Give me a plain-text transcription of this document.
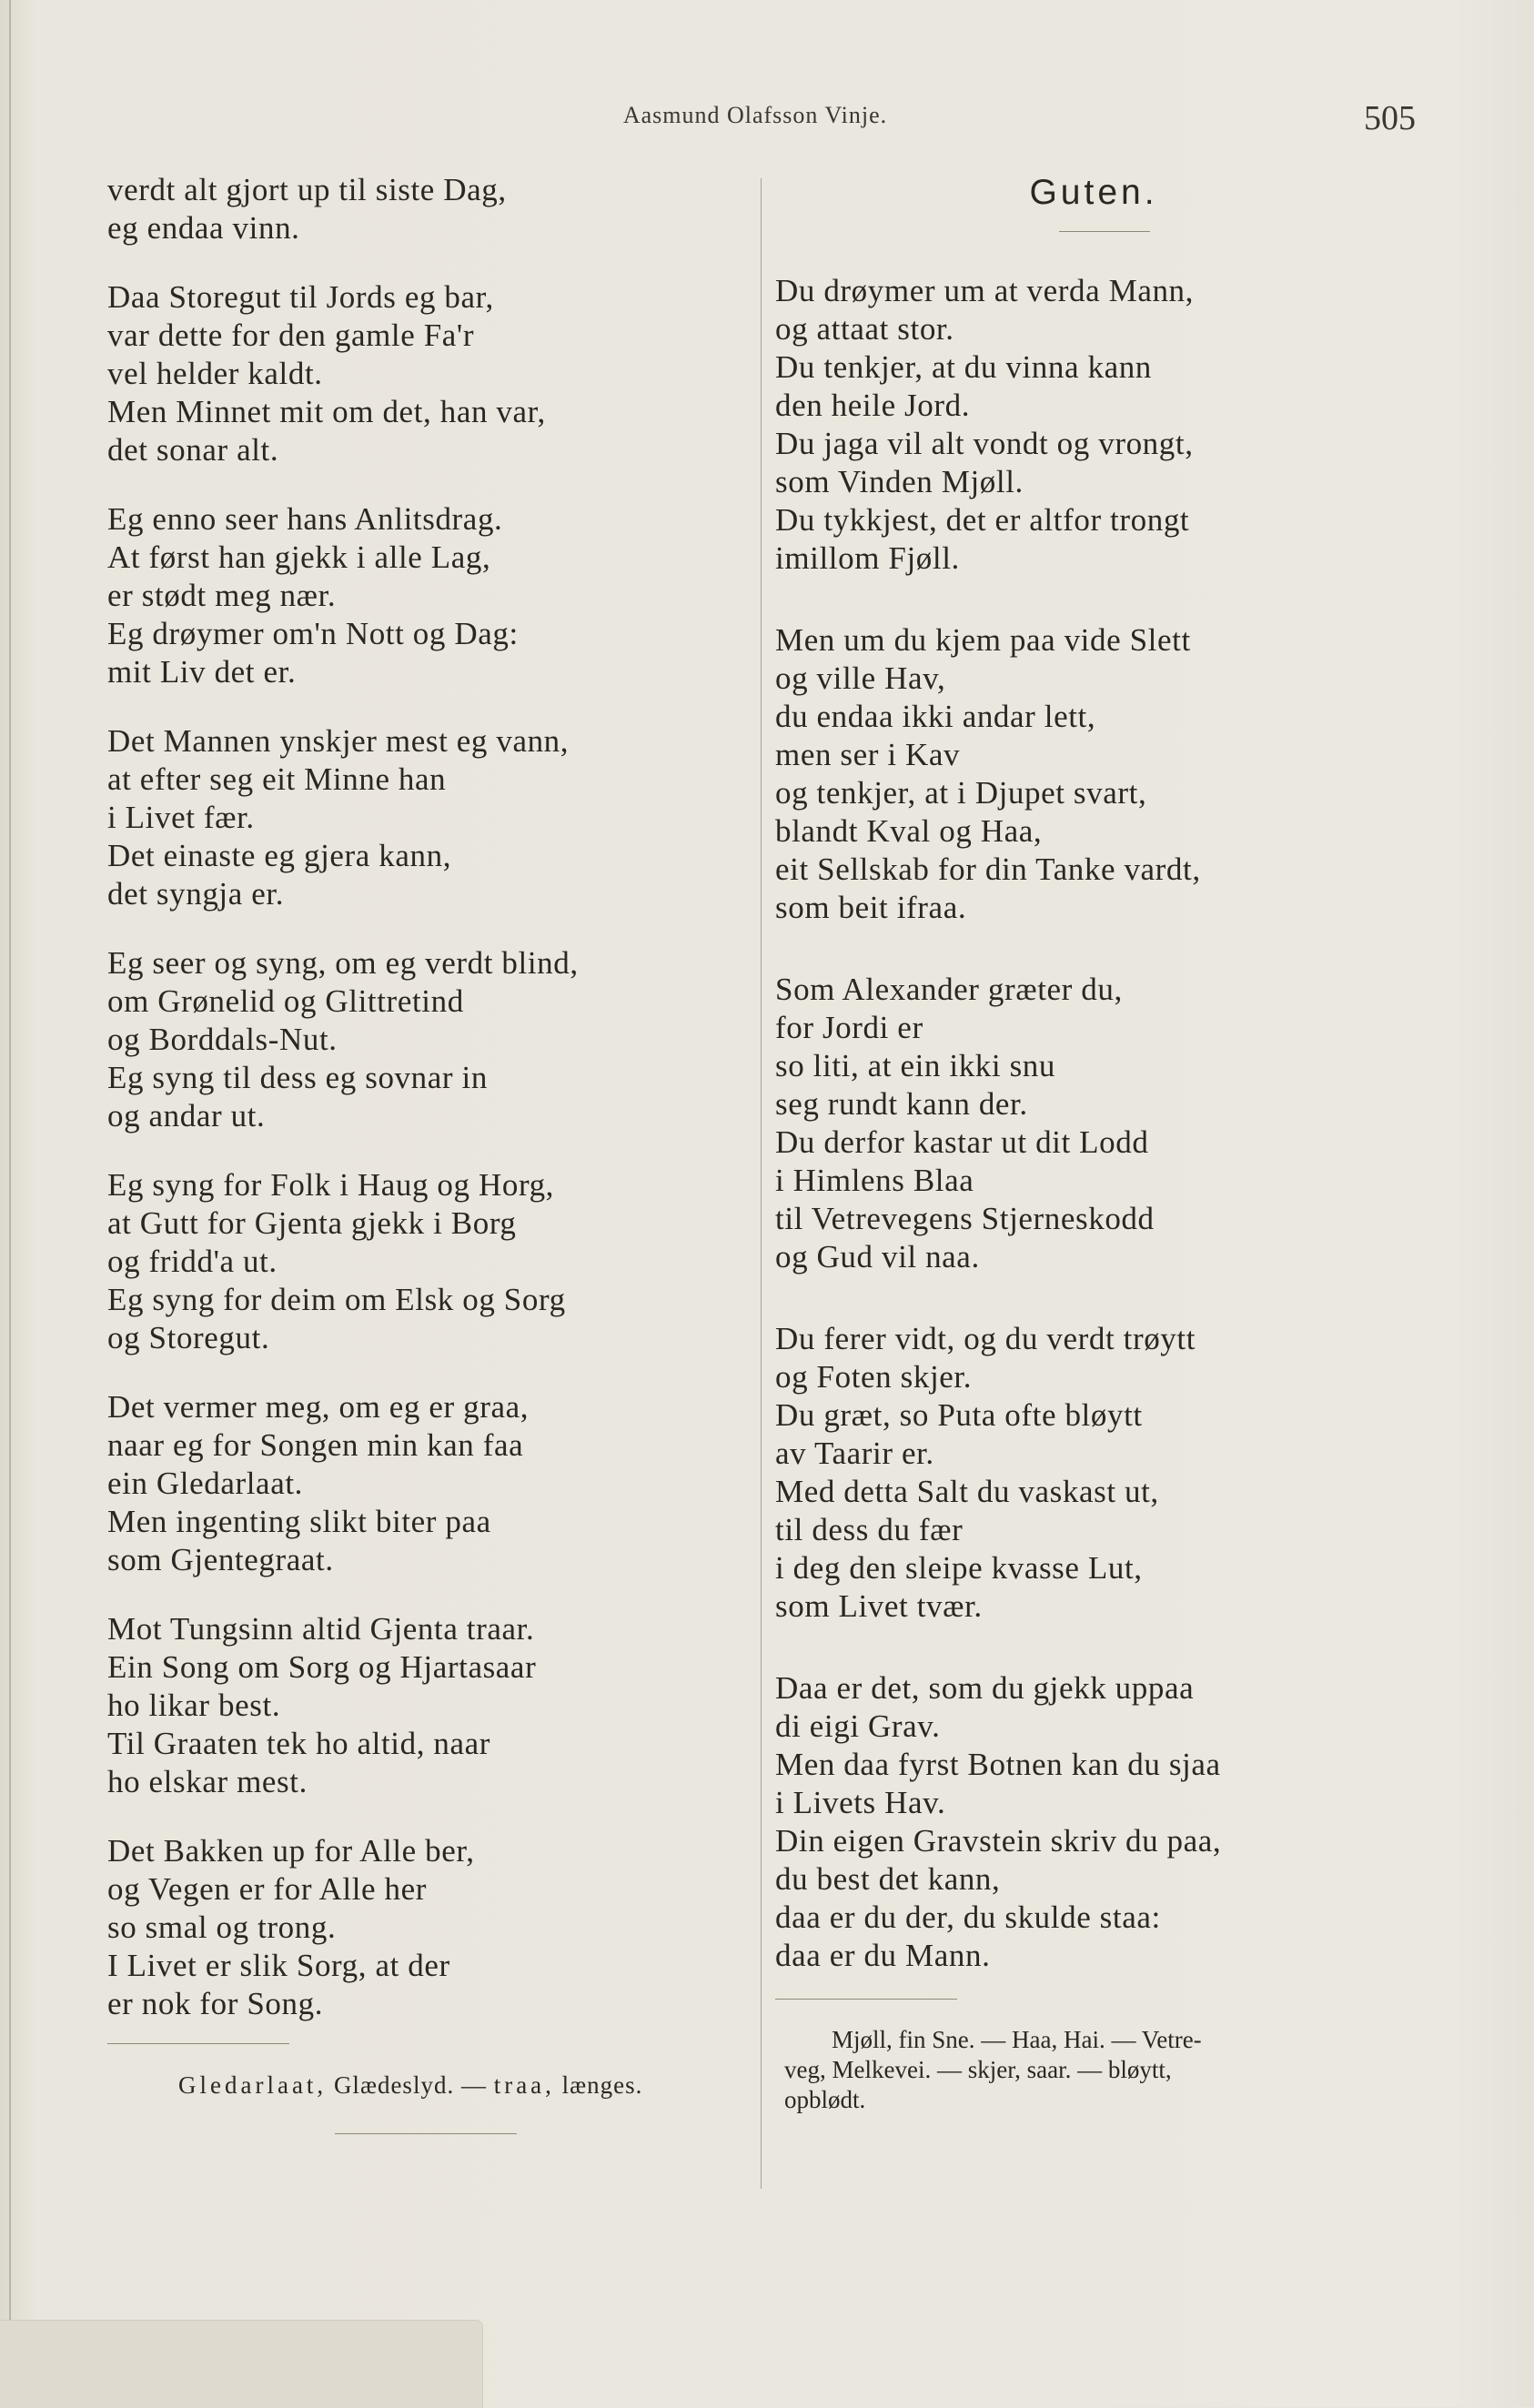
Aasmund Olafsson Vinje.	505
verdt alt gjort up til siste Dag,
eg endaa vinn.
Daa Storegut til Jords eg bar,
var dette for den gamle Fa'r
vel helder kaldt.
Men Minnet mit om det, han var,
det sonar alt.
Eg enno seer hans Anlitsdrag.
At først han gjekk i alle Lag,
er stødt meg nær.
Eg drøymer om'n Nott og Dag:
mit Liv det er.
Det Mannen ynskjer mest eg vann,
at efter seg eit Minne han
i Livet fær.
Det einaste eg gjera kann,
det syngja er.
Eg seer og syng, om eg verdt blind,
om Grønelid og Glittretind
og Borddals-Nut.
Eg syng til dess eg sovnar in
og andar ut.
Eg syng for Folk i Haug og Horg,
at Gutt for Gjenta gjekk i Borg
og fridd'a ut.
Eg syng for deim om Elsk og Sorg
og Storegut.
Det vermer meg, om eg er graa,
naar eg for Songen min kan faa
ein Gledarlaat.
Men ingenting slikt biter paa
som Gjentegraat.
Mot Tungsinn altid Gjenta traar.
Ein Song om Sorg og Hjartasaar
ho likar best.
Til Graaten tek ho altid, naar
ho elskar mest.
Det Bakken up for Alle ber,
og Vegen er for Alle her
so smal og trong.
I Livet er slik Sorg, at der
er nok for Song.
Gledarlaat, Glædeslyd. — traa, længes.
Guten.
Du drøymer um at verda Mann,
og attaat stor.
Du tenkjer, at du vinna kann
den heile Jord.
Du jaga vil alt vondt og vrongt,
som Vinden Mjøll.
Du tykkjest, det er altfor trongt
imillom Fjøll.
Men um du kjem paa vide Slett
og ville Hav,
du endaa ikki andar lett,
men ser i Kav
og tenkjer, at i Djupet svart,
blandt Kval og Haa,
eit Sellskab for din Tanke vardt,
som beit ifraa.
Som Alexander græter du,
for Jordi er
so liti, at ein ikki snu
seg rundt kann der.
Du derfor kastar ut dit Lodd
i Himlens Blaa
til Vetrevegens Stjerneskodd
og Gud vil naa.
Du ferer vidt, og du verdt trøytt
og Foten skjer.
Du græt, so Puta ofte bløytt
av Taarir er.
Med detta Salt du vaskast ut,
til dess du fær
i deg den sleipe kvasse Lut,
som Livet tvær.
Daa er det, som du gjekk uppaa
di eigi Grav.
Men daa fyrst Botnen kan du sjaa
i Livets Hav.
Din eigen Gravstein skriv du paa,
du best det kann,
daa er du der, du skulde staa:
daa er du Mann.
Mjøll, fin Sne. — Haa, Hai. — Vetre-
veg, Melkevei. — skjer, saar. — bløytt,
opblødt.
